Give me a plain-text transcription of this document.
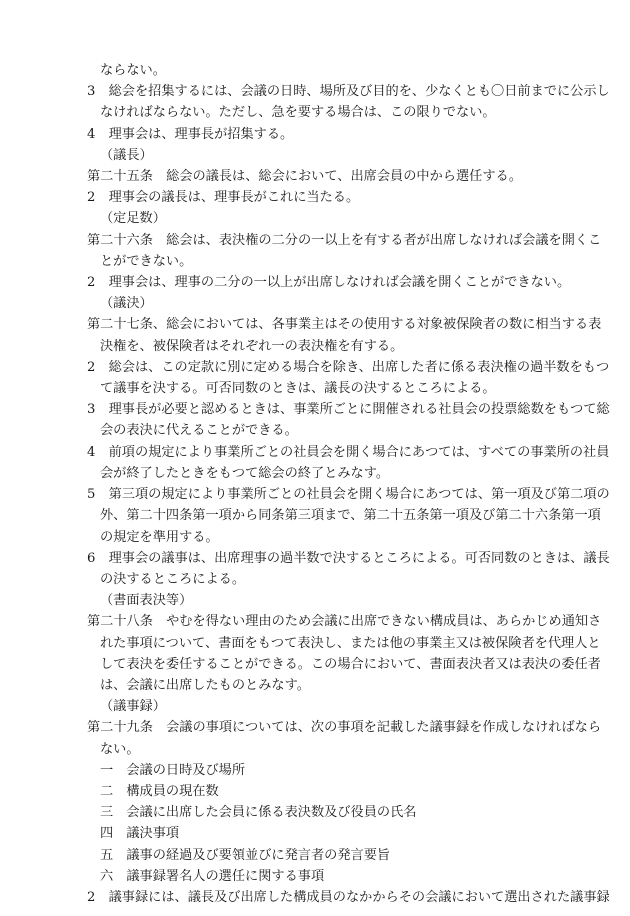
ならない。
3　総会を招集するには、会議の日時、場所及び目的を、少なくとも〇日前までに公示し
なければならない。ただし、急を要する場合は、この限りでない。
4　理事会は、理事長が招集する。
（議長）
第二十五条　総会の議長は、総会において、出席会員の中から選任する。
2　理事会の議長は、理事長がこれに当たる。
（定足数）
第二十六条　総会は、表決権の二分の一以上を有する者が出席しなければ会議を開くこ
とができない。
2　理事会は、理事の二分の一以上が出席しなければ会議を開くことができない。
（議決）
第二十七条、総会においては、各事業主はその使用する対象被保険者の数に相当する表
決権を、被保険者はそれぞれ一の表決権を有する。
2　総会は、この定款に別に定める場合を除き、出席した者に係る表決権の過半数をもつ
て議事を決する。可否同数のときは、議長の決するところによる。
3　理事長が必要と認めるときは、事業所ごとに開催される社員会の投票総数をもつて総
会の表決に代えることができる。
4　前項の規定により事業所ごとの社員会を開く場合にあつては、すべての事業所の社員
会が終了したときをもつて総会の終了とみなす。
5　第三項の規定により事業所ごとの社員会を開く場合にあつては、第一項及び第二項の
外、第二十四条第一項から同条第三項まで、第二十五条第一項及び第二十六条第一項
の規定を準用する。
6　理事会の議事は、出席理事の過半数で決するところによる。可否同数のときは、議長
の決するところによる。
（書面表決等）
第二十八条　やむを得ない理由のため会議に出席できない構成員は、あらかじめ通知さ
れた事項について、書面をもつて表決し、または他の事業主又は被保険者を代理人と
して表決を委任することができる。この場合において、書面表決者又は表決の委任者
は、会議に出席したものとみなす。
（議事録）
第二十九条　会議の事項については、次の事項を記載した議事録を作成しなければなら
ない。
一　会議の日時及び場所
二　構成員の現在数
三　会議に出席した会員に係る表決数及び役員の氏名
四　議決事項
五　議事の経過及び要領並びに発言者の発言要旨
六　議事録署名人の選任に関する事項
2　議事録には、議長及び出席した構成員のなかからその会議において選出された議事録
